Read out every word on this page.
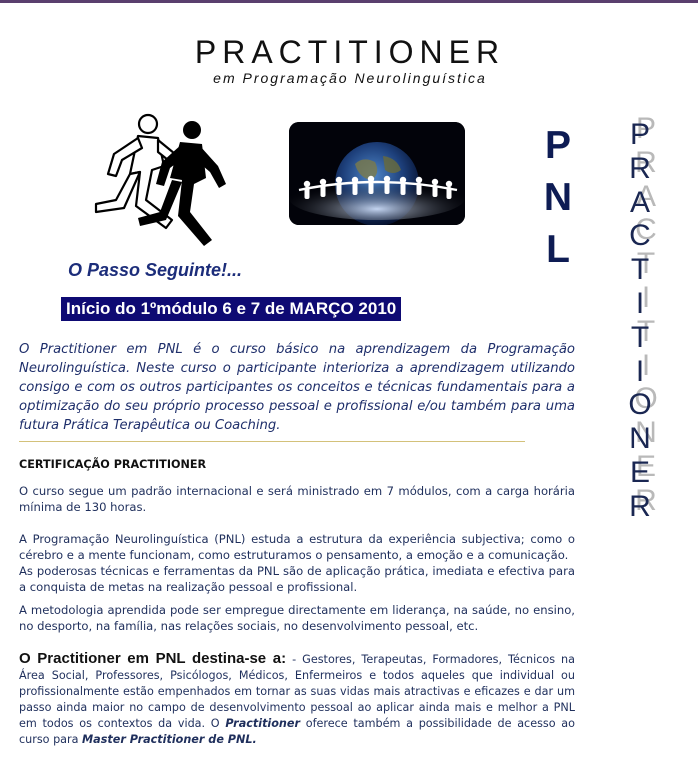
PRACTITIONER
em Programação Neurolinguística
O Passo Seguinte!...
Início do 1ºmódulo 6 e 7 de MARÇO 2010
P
N
L
P
R
A
C
T
I
T
I
O
N
E
R
O Practitioner em PNL é o curso básico na aprendizagem da Programação Neurolinguística. Neste curso o participante interioriza a aprendizagem utilizando consigo e com os outros participantes os conceitos e técnicas fundamentais para a optimização do seu próprio processo pessoal e profissional e/ou também para uma futura Prática Terapêutica ou Coaching.
CERTIFICAÇÃO PRACTITIONER
O curso segue um padrão internacional e será ministrado em 7 módulos, com a carga horária mínima de 130 horas.
A Programação Neurolinguística (PNL) estuda a estrutura da experiência subjectiva; como o cérebro e a mente funcionam, como estruturamos o pensamento, a emoção e a comunicação.
As poderosas técnicas e ferramentas da PNL são de aplicação prática, imediata e efectiva para a conquista de metas na realização pessoal e profissional.
A metodologia aprendida pode ser empregue directamente em liderança, na saúde, no ensino, no desporto, na família, nas relações sociais, no desenvolvimento pessoal, etc.
O Practitioner em PNL destina-se a: - Gestores, Terapeutas, Formadores, Técnicos na Área Social, Professores, Psicólogos, Médicos, Enfermeiros e todos aqueles que individual ou profissionalmente estão empenhados em tornar as suas vidas mais atractivas e eficazes e dar um passo ainda maior no campo de desenvolvimento pessoal ao aplicar ainda mais e melhor a PNL em todos os contextos da vida. O Practitioner oferece também a possibilidade de acesso ao curso para Master Practitioner de PNL.
